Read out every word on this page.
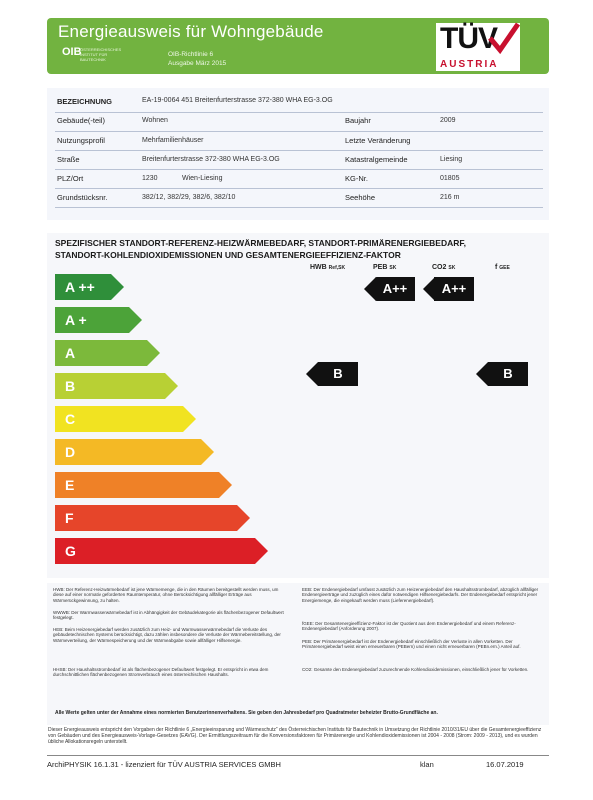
Energieausweis für Wohngebäude
OIB
ÖSTERREICHISCHES INSTITUT FÜR BAUTECHNIK
OIB-Richtlinie 6
Ausgabe März 2015
TÜV
AUSTRIA
BEZEICHNUNG	EA-19-0064 451 Breitenfurterstrasse 372-380 WHA EG-3.OG
Gebäude(-teil)	Wohnen	Baujahr	2009
Nutzungsprofil	Mehrfamilienhäuser	Letzte Veränderung
Straße	Breitenfurterstrasse 372-380 WHA EG-3.OG	Katastralgemeinde	Liesing
PLZ/Ort	1230	Wien-Liesing	KG-Nr.	01805
Grundstücksnr.	382/12, 382/29, 382/6, 382/10	Seehöhe	216 m
SPEZIFISCHER STANDORT-REFERENZ-HEIZWÄRMEBEDARF, STANDORT-PRIMÄRENERGIEBEDARF,
STANDORT-KOHLENDIOXIDEMISSIONEN UND GESAMTENERGIEEFFIZIENZ-FAKTOR
HWB Ref,SK	PEB SK	CO2 SK	f GEE
A ++
A +
A
B
C
D
E
F
G
A++	A++
B	B
HWB: Der Referenz-Heizwärmebedarf ist jene Wärmemenge, die in den Räumen bereitgestellt werden muss, um diese auf einer normativ geforderten Raumtemperatur, ohne Berücksichtigung allfälliger Erträge aus Wärmerückgewinnung, zu halten.
WWWB: Der Warmwasserwärmebedarf ist in Abhängigkeit der Gebäudekategorie als flächenbezogener Defaultwert festgelegt.
HEB: Beim Heizenergiebedarf werden zusätzlich zum Heiz- und Warmwasserwärmebedarf die Verluste des gebäudetechnischen Systems berücksichtigt, dazu zählen insbesondere die Verluste der Wärmebereitstellung, der Wärmeverteilung, der Wärmespeicherung und der Wärmeabgabe sowie allfälliger Hilfsenergie.
HHSB: Der Haushaltsstrombedarf ist als flächenbezogener Defaultwert festgelegt. Er entspricht in etwa dem durchschnittlichen flächenbezogenen Stromverbrauch eines österreichischen Haushalts.
EEB: Der Endenergiebedarf umfasst zusätzlich zum Heizenergiebedarf den Haushaltsstrombedarf, abzüglich allfälliger Endenergieerträge und zuzüglich eines dafür notwendigen Hilfsenergiebedarfs. Der Endenergiebedarf entspricht jener Energiemenge, die eingekauft werden muss (Lieferenergiebedarf).
fGEE: Der Gesamtenergieeffizienz-Faktor ist der Quotient aus dem Endenergiebedarf und einem Referenz-Endenergiebedarf (Anforderung 2007).
PEB: Der Primärenergiebedarf ist der Endenergiebedarf einschließlich der Verluste in allen Vorketten. Der Primärenergiebedarf weist einen erneuerbaren (PEBern) und einen nicht erneuerbaren (PEBn.ern.) Anteil auf.
CO2: Gesamte den Endenergiebedarf zuzurechnende Kohlendioxidemissionen, einschließlich jener für Vorketten.
Alle Werte gelten unter der Annahme eines normierten Benutzerinnenverhaltens. Sie geben den Jahresbedarf pro Quadratmeter beheizter Brutto-Grundfläche an.
Dieser Energieausweis entspricht den Vorgaben der Richtlinie 6 „Energieeinsparung und Wärmeschutz“ des Österreichischen Instituts für Bautechnik in Umsetzung der Richtlinie 2010/31/EU über die Gesamtenergieeffizienz von Gebäuden und des Energieausweis-Vorlage-Gesetzes (EAVG). Der Ermittlungszeitraum für die Konversionsfaktoren für Primärenergie und Kohlendioxidemissionen ist 2004 - 2008 (Strom: 2009 - 2013), und es wurden übliche Allokationsregeln unterstellt.
ArchiPHYSIK 16.1.31 - lizenziert für TÜV AUSTRIA SERVICES GMBH	klan	16.07.2019
